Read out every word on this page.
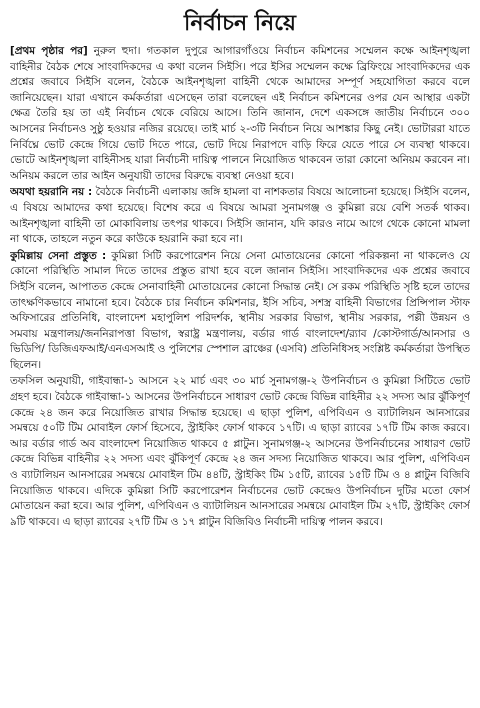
নির্বাচন নিয়ে

[প্রথম পৃষ্ঠার পর] নুরুল হুদা। গতকাল দুপুরে আগারগাঁওয়ে নির্বাচন কমিশনের সম্মেলন কক্ষে আইনশৃঙ্খলা বাহিনীর বৈঠক শেষে সাংবাদিকদের এ কথা বলেন সিইসি। পরে ইসির সম্মেলন কক্ষে ব্রিফিংয়ে সাংবাদিকদের এক প্রশ্নের জবাবে সিইসি বলেন, বৈঠকে আইনশৃঙ্খলা বাহিনী থেকে আমাদের সম্পূর্ণ সহযোগিতা করবে বলে জানিয়েছেন। যারা এখানে কর্মকর্তারা এসেছেন তারা বলেছেন এই নির্বাচন কমিশনের ওপর যেন আস্থার একটা ক্ষেত্র তৈরি হয় তা এই নির্বাচন থেকে বেরিয়ে আসে। তিনি জানান, দেশে একসঙ্গে জাতীয় নির্বাচনে ৩০০ আসনের নির্বাচনও সুষ্ঠু হওয়ার নজির রয়েছে। তাই মার্চ ২-৩টি নির্বাচন নিয়ে আশঙ্কার কিছু নেই। ভোটাররা যাতে নির্বিঘ্নে ভোট কেন্দ্রে গিয়ে ভোট দিতে পারে, ভোট দিয়ে নিরাপদে বাড়ি ফিরে যেতে পারে সে ব্যবস্থা থাকবে। ভোটে আইনশৃঙ্খলা বাহিনীসহ যারা নির্বাচনী দায়িত্ব পালনে নিয়োজিত থাকবেন তারা কোনো অনিয়ম করবেন না। অনিয়ম করলে তার আইন অনুযায়ী তাদের বিরুদ্ধে ব্যবস্থা নেওয়া হবে।

অযথা হয়রানি নয় : বৈঠকে নির্বাচনী এলাকায় জঙ্গি হামলা বা নাশকতার বিষয়ে আলোচনা হয়েছে। সিইসি বলেন, এ বিষয়ে আমাদের কথা হয়েছে। বিশেষ করে এ বিষয়ে আমরা সুনামগঞ্জ ও কুমিল্লা রয়ে বেশি সতর্ক থাকব। আইনশৃঙ্খলা বাহিনী তা মোকাবিলায় তৎপর থাকবে। সিইসি জানান, যদি কারও নামে আগে থেকে কোনো মামলা না থাকে, তাহলে নতুন করে কাউকে হয়রানি করা হবে না।

কুমিল্লায় সেনা প্রস্তুত : কুমিল্লা সিটি করপোরেশন নিয়ে সেনা মোতায়েনের কোনো পরিকল্পনা না থাকলেও যে কোনো পরিস্থিতি সামাল দিতে তাদের প্রস্তুত রাখা হবে বলে জানান সিইসি। সাংবাদিকদের এক প্রশ্নের জবাবে সিইসি বলেন, আপাতত কেন্দ্রে সেনাবাহিনী মোতায়েনের কোনো সিদ্ধান্ত নেই। সে রকম পরিস্থিতি সৃষ্টি হলে তাদের তাৎক্ষণিকভাবে নামানো হবে। বৈঠকে চার নির্বাচন কমিশনার, ইসি সচিব, সশস্ত্র বাহিনী বিভাগের প্রিন্সিপাল স্টাফ অফিসারের প্রতিনিধি, বাংলাদেশ মহাপুলিশ পরিদর্শক, স্থানীয় সরকার বিভাগ, স্থানীয় সরকার, পল্লী উন্নয়ন ও সমবায় মন্ত্রণালয়/জননিরাপত্তা বিভাগ, স্বরাষ্ট্র মন্ত্রণালয়, বর্ডার গার্ড বাংলাদেশ/র‌্যাব /কোস্টগার্ড/আনসার ও ভিডিপি/ ডিজিএফআই/এনএসআই ও পুলিশের স্পেশাল ব্রাঞ্চের (এসবি) প্রতিনিধিসহ সংশ্লিষ্ট কর্মকর্তারা উপস্থিত ছিলেন।

তফসিল অনুযায়ী, গাইবান্ধা-১ আসনে ২২ মার্চ এবং ৩০ মার্চ সুনামগঞ্জ-২ উপনির্বাচন ও কুমিল্লা সিটিতে ভোট গ্রহণ হবে। বৈঠকে গাইবান্ধা-১ আসনের উপনির্বাচনে সাধারণ ভোট কেন্দ্রে বিভিন্ন বাহিনীর ২২ সদস্য আর ঝুঁকিপূর্ণ কেন্দ্রে ২৪ জন করে নিয়োজিত রাখার সিদ্ধান্ত হয়েছে। এ ছাড়া পুলিশ, এপিবিএন ও ব্যাটালিয়ন আনসারের সমন্বয়ে ৫০টি টিম মোবাইল ফোর্স হিসেবে, স্ট্রাইকিং ফোর্স থাকবে ১৭টি। এ ছাড়া র‍্যাবের ১৭টি টিম কাজ করবে। আর বর্ডার গার্ড অব বাংলাদেশ নিয়োজিত থাকবে ৫ প্লাটুন। সুনামগঞ্জ-২ আসনের উপনির্বাচনের সাধারণ ভোট কেন্দ্রে বিভিন্ন বাহিনীর ২২ সদস্য এবং ঝুঁকিপূর্ণ কেন্দ্রে ২৪ জন সদস্য নিয়োজিত থাকবে। আর পুলিশ, এপিবিএন ও ব্যাটালিয়ন আনসারের সমন্বয়ে মোবাইল টিম ৪৪টি, স্ট্রাইকিং টিম ১৫টি, র‍্যাবের ১৫টি টিম ও ৪ প্লাটুন বিজিবি নিয়োজিত থাকবে। এদিকে কুমিল্লা সিটি করপোরেশন নির্বাচনের ভোট কেন্দ্রেও উপনির্বাচন দুটির মতো ফোর্স মোতায়েন করা হবে। আর পুলিশ, এপিবিএন ও ব্যাটালিয়ন আনসারের সমন্বয়ে মোবাইল টিম ২৭টি, স্ট্রাইকিং ফোর্স ৯টি থাকবে। এ ছাড়া র‍্যাবের ২৭টি টিম ও ১৭ প্লাটুন বিজিবিও নির্বাচনী দায়িত্ব পালন করবে।
